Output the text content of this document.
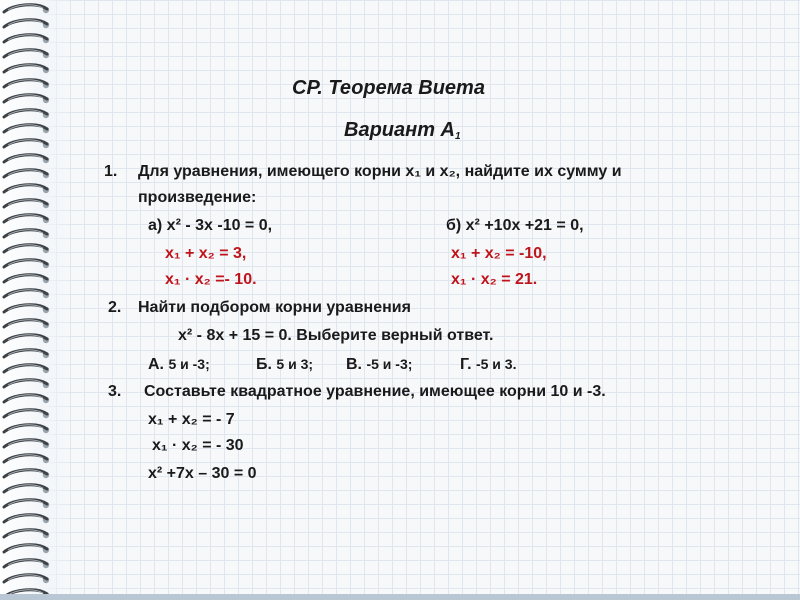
СР. Теорема Виета
Вариант $А_1$
1. Для уравнения, имеющего корни x₁ и x₂, найдите их сумму и
произведение:
а) х² - 3х -10 = 0,
х₁ + х₂ = 3,
х₁ · х₂ =- 10.
б) х² +10х +21 = 0,
х₁ + х₂ = -10,
х₁ · х₂ = 21.
2. Найти подбором корни уравнения
х² - 8х + 15 = 0. Выберите верный ответ.
А. 5 и -3;	Б. 5 и 3; В. -5 и -3;	Г. -5 и 3.
3. Составьте квадратное уравнение, имеющее корни 10 и -3.
х₁ + х₂ = - 7
х₁ · х₂ = - 30
х² +7х – 30 = 0
